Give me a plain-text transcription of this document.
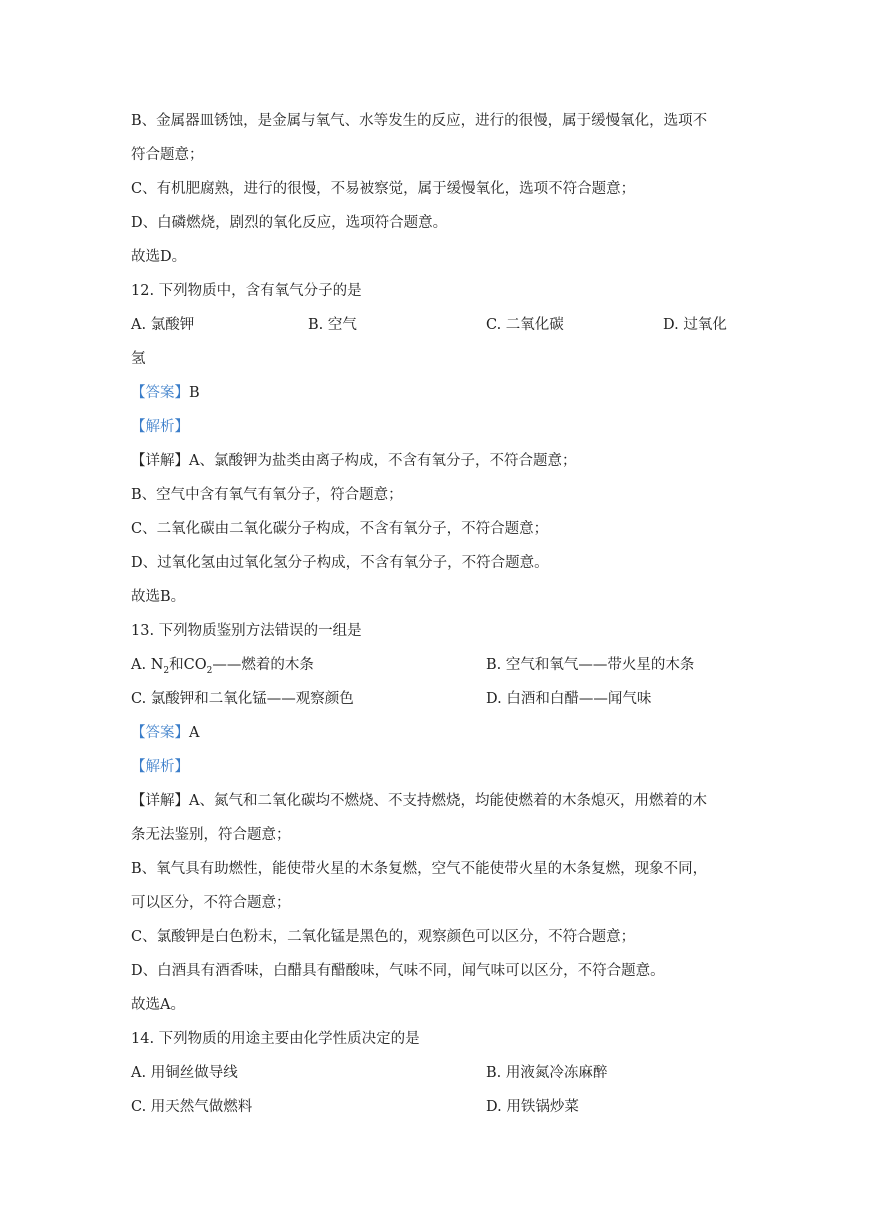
B、金属器皿锈蚀，是金属与氧气、水等发生的反应，进行的很慢，属于缓慢氧化，选项不
符合题意；
C、有机肥腐熟，进行的很慢，不易被察觉，属于缓慢氧化，选项不符合题意；
D、白磷燃烧，剧烈的氧化反应，选项符合题意。
故选D。
12. 下列物质中，含有氧气分子的是
A. 氯酸钾	B. 空气	C. 二氧化碳	D. 过氧化
氢
【答案】B
【解析】
【详解】A、氯酸钾为盐类由离子构成，不含有氧分子，不符合题意；
B、空气中含有氧气有氧分子，符合题意；
C、二氧化碳由二氧化碳分子构成，不含有氧分子，不符合题意；
D、过氧化氢由过氧化氢分子构成，不含有氧分子，不符合题意。
故选B。
13. 下列物质鉴别方法错误的一组是
A. $N_2$和$CO_2——$燃着的木条	B. 空气和氧气——带火星的木条
C. 氯酸钾和二氧化锰——观察颜色	D. 白酒和白醋——闻气味
【答案】A
【解析】
【详解】A、氮气和二氧化碳均不燃烧、不支持燃烧，均能使燃着的木条熄灭，用燃着的木
条无法鉴别，符合题意；
B、氧气具有助燃性，能使带火星的木条复燃，空气不能使带火星的木条复燃，现象不同，
可以区分，不符合题意；
C、氯酸钾是白色粉末，二氧化锰是黑色的，观察颜色可以区分，不符合题意；
D、白酒具有酒香味，白醋具有醋酸味，气味不同，闻气味可以区分，不符合题意。
故选A。
14. 下列物质的用途主要由化学性质决定的是
A. 用铜丝做导线	B. 用液氮冷冻麻醉
C. 用天然气做燃料	D. 用铁锅炒菜
